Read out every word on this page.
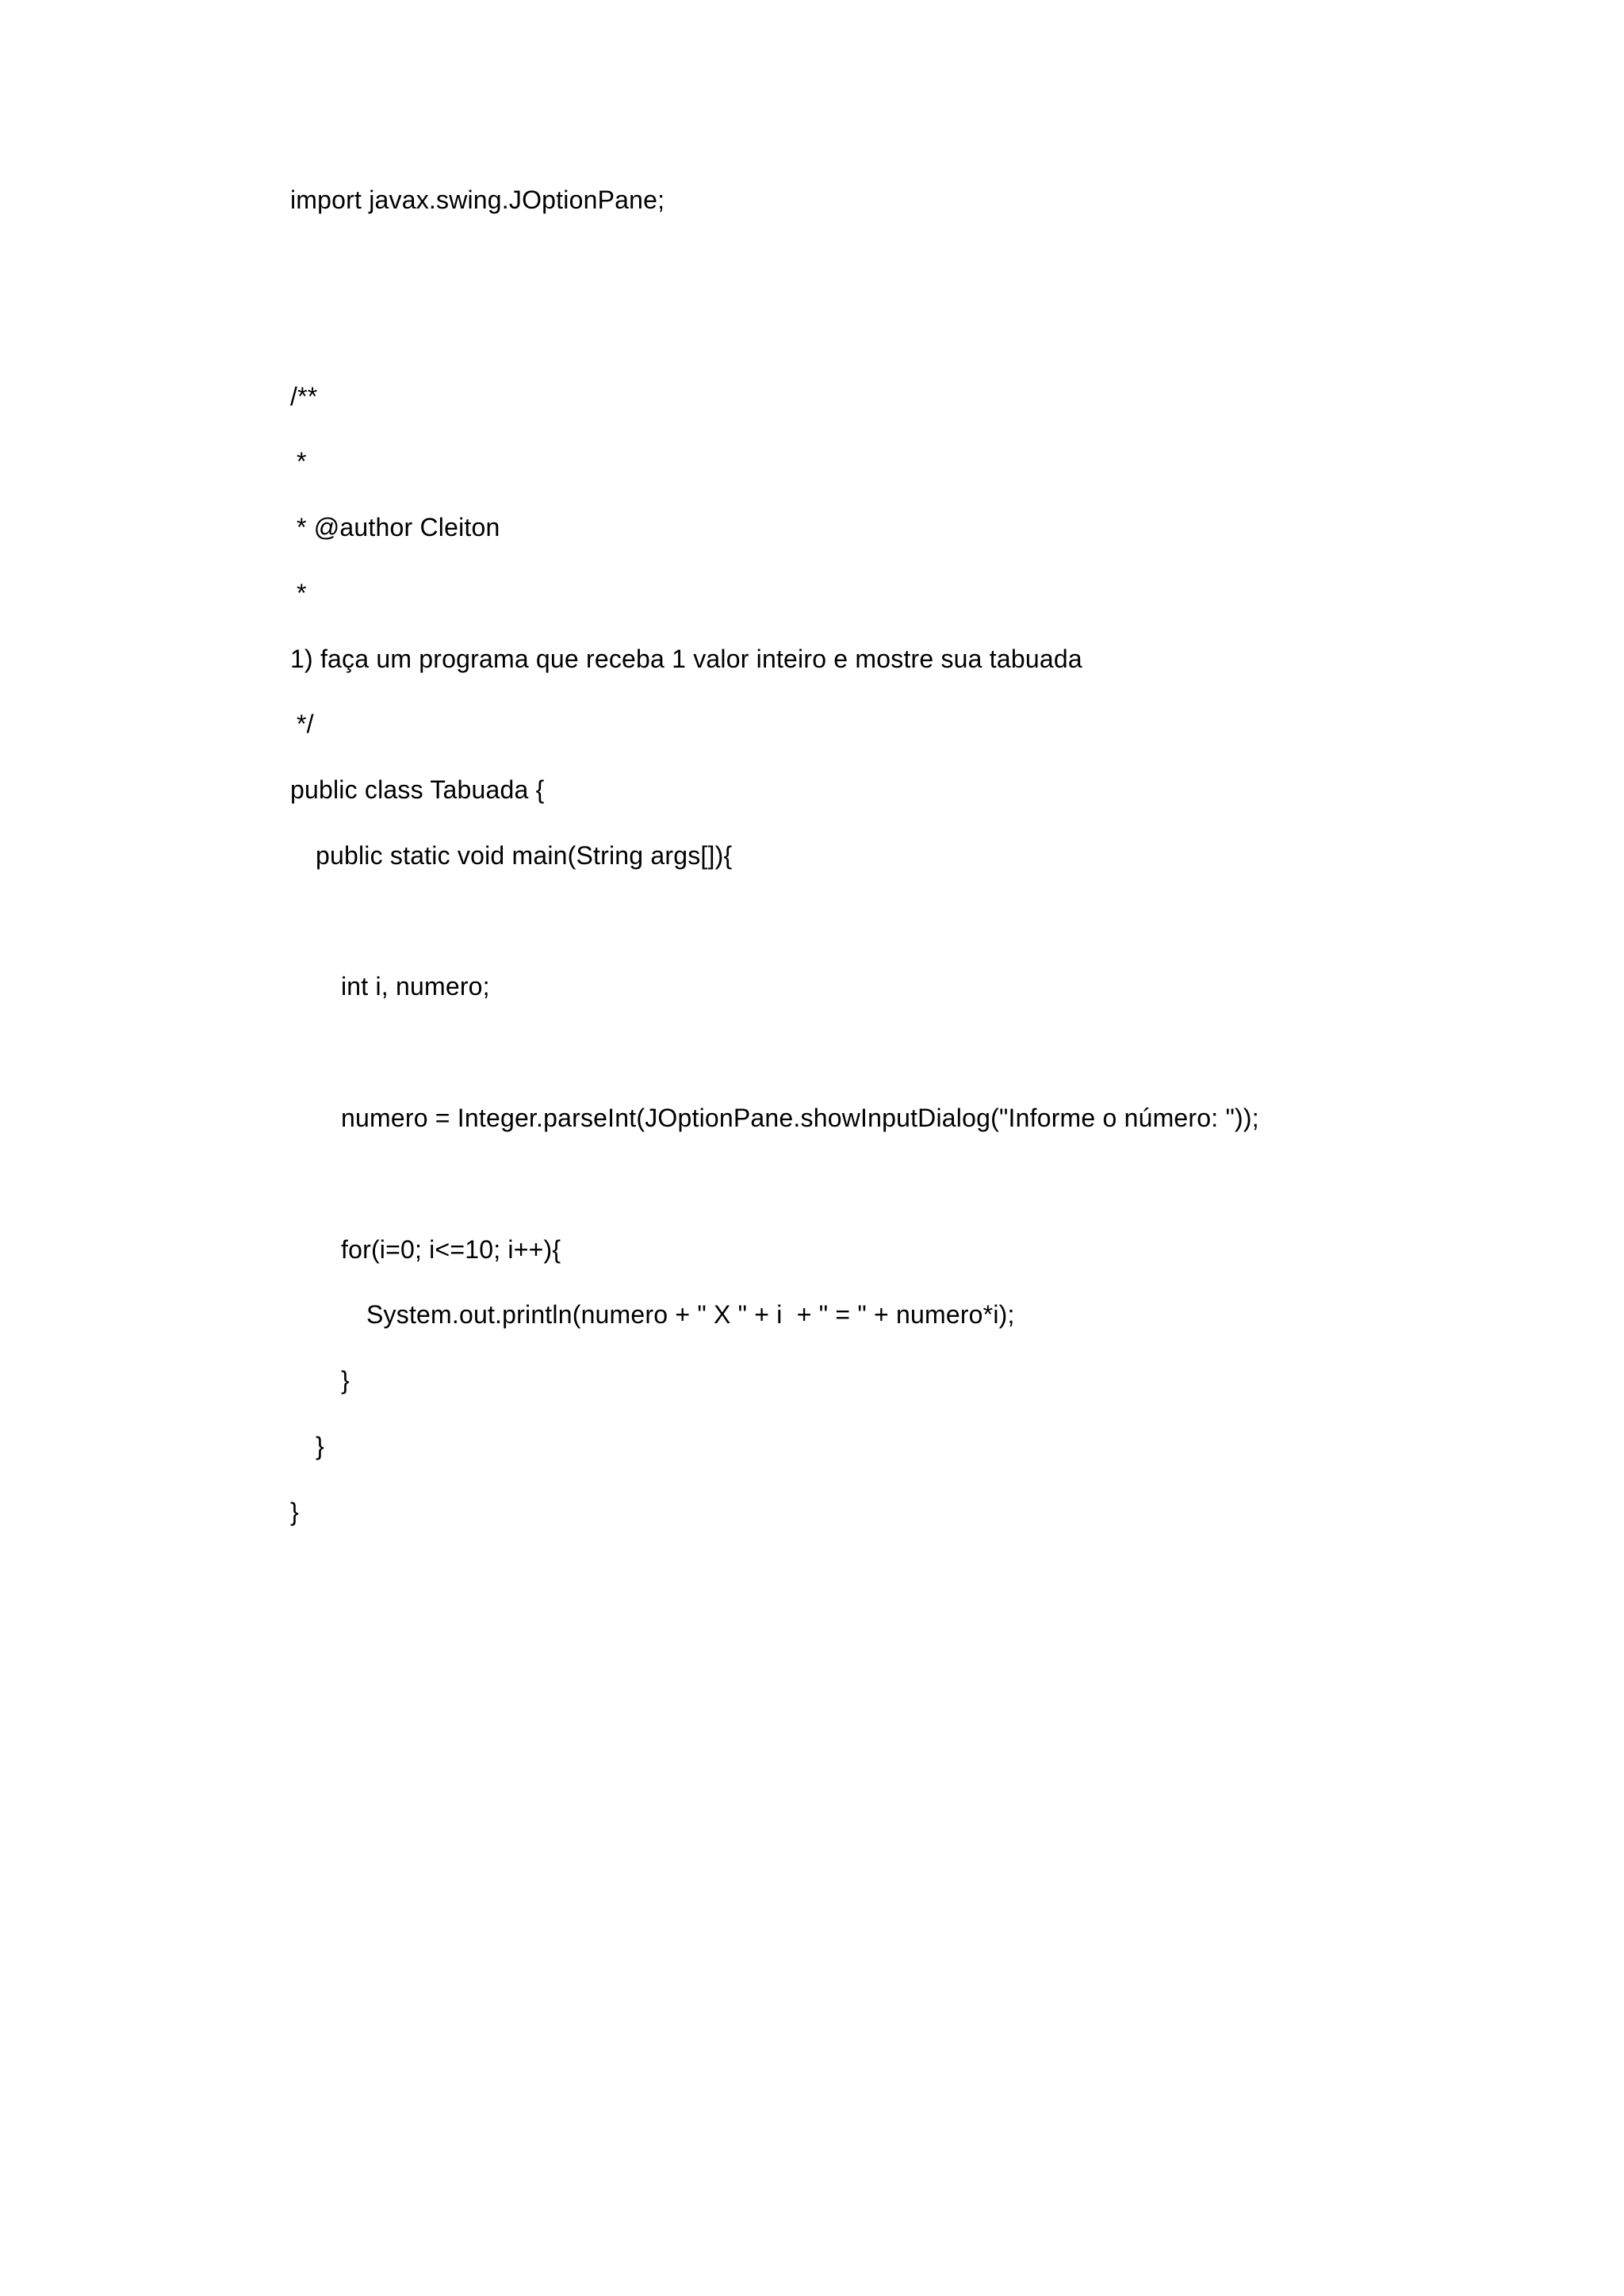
import javax.swing.JOptionPane;
/**
*
* @author Cleiton
*
1) faça um programa que receba 1 valor inteiro e mostre sua tabuada
*/
public class Tabuada {
public static void main(String args[]){
int i, numero;
numero = Integer.parseInt(JOptionPane.showInputDialog("Informe o número: "));
for(i=0; i<=10; i++){
System.out.println(numero + " X " + i  + " = " + numero*i);
}
}
}
